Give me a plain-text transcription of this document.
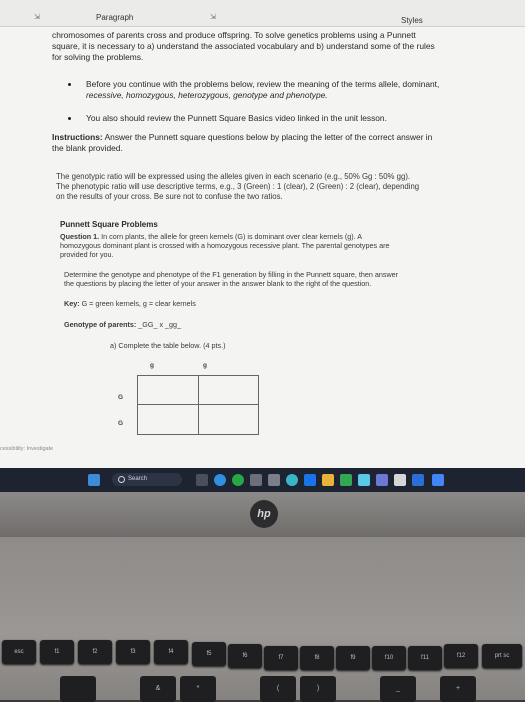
Paragraph	⇲	Styles
⇲
chromosomes of parents cross and produce offspring. To solve genetics problems using a Punnett
square, it is necessary to a) understand the associated vocabulary and b) understand some of the rules
for solving the problems.
Before you continue with the problems below, review the meaning of the terms allele, dominant,
recessive, homozygous, heterozygous, genotype and phenotype.
You also should review the Punnett Square Basics video linked in the unit lesson.
Instructions: Answer the Punnett square questions below by placing the letter of the correct answer in
the blank provided.
The genotypic ratio will be expressed using the alleles given in each scenario (e.g., 50% Gg : 50% gg).
The phenotypic ratio will use descriptive terms, e.g., 3 (Green) : 1 (clear), 2 (Green) : 2 (clear), depending
on the results of your cross. Be sure not to confuse the two ratios.
Punnett Square Problems
Question 1. In corn plants, the allele for green kernels (G) is dominant over clear kernels (g). A
homozygous dominant plant is crossed with a homozygous recessive plant. The parental genotypes are
provided for you.
Determine the genotype and phenotype of the F1 generation by filling in the Punnett square, then answer
the questions by placing the letter of your answer in the answer blank to the right of the question.
Key: G = green kernels, g = clear kernels
Genotype of parents: _GG_ x _gg_
a) Complete the table below. (4 pts.)
g	g
G
G
cessibility: Investigate
Search
hp
esc	f1	f2	f3	f4	f5	f6	f7	f8	f9	f10	f11	f12	prt sc
&	*	(	)	_	+
